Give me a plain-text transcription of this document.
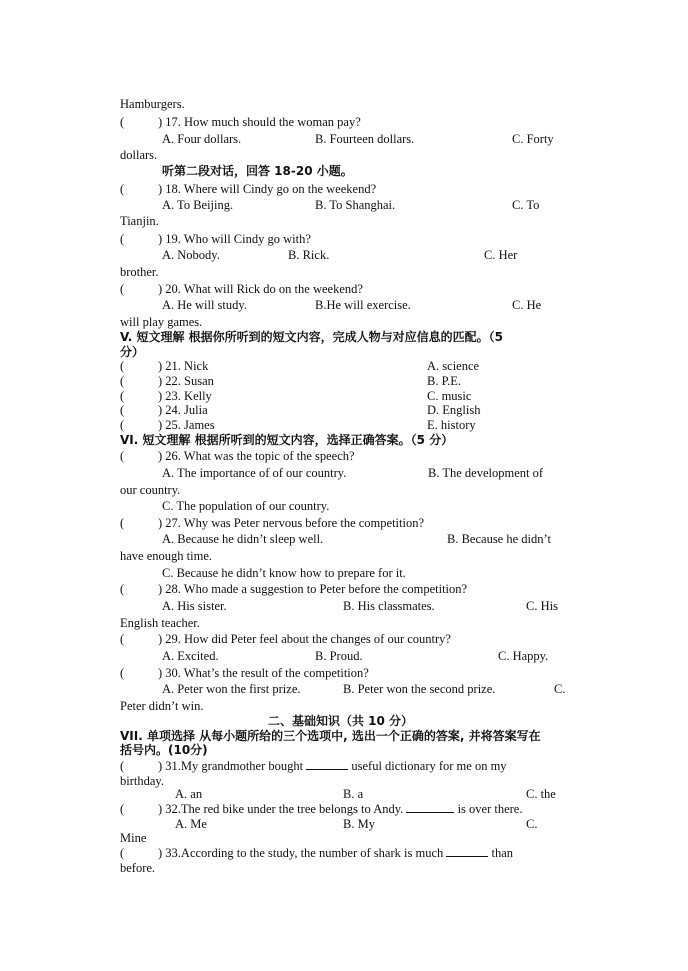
Hamburgers.
(	) 17. How much should the woman pay?
A. Four dollars.	B. Fourteen dollars.	C. Forty
dollars.
听第二段对话，回答 18-20 小题。
(	) 18. Where will Cindy go on the weekend?
A. To Beijing.	B. To Shanghai.	C. To
Tianjin.
(	) 19. Who will Cindy go with?
A. Nobody.	B. Rick.	C. Her
brother.
(	) 20. What will Rick do on the weekend?
A. He will study.	B.He will exercise.	C. He
will play games.
V. 短文理解 根据你所听到的短文内容，完成人物与对应信息的匹配。（5
分）
(	) 21. Nick	A. science
(	) 22. Susan	B. P.E.
(	) 23. Kelly	C. music
(	) 24. Julia	D. English
(	) 25. James	E. history
VI. 短文理解 根据所听到的短文内容，选择正确答案。（5 分）
(	) 26. What was the topic of the speech?
A. The importance of of our country.	B. The development of
our country.
C. The population of our country.
(	) 27. Why was Peter nervous before the competition?
A. Because he didn’t sleep well.	B. Because he didn’t
have enough time.
C. Because he didn’t know how to prepare for it.
(	) 28. Who made a suggestion to Peter before the competition?
A. His sister.	B. His classmates.	C. His
English teacher.
(	) 29. How did Peter feel about the changes of our country?
A. Excited.	B. Proud.	C. Happy.
(	) 30. What’s the result of the competition?
A. Peter won the first prize.	B. Peter won the second prize.	C.
Peter didn’t win.
二、基础知识（共 10 分）
VII. 单项选择 从每小题所给的三个选项中, 选出一个正确的答案, 并将答案写在
括号内。(10分)
(	) 31.My grandmother bought	useful dictionary for me on my
birthday.
A. an	B. a	C. the
(	) 32.The red bike under the tree belongs to Andy.	is over there.
A. Me	B. My	C.
Mine
(	) 33.According to the study, the number of shark is much	than
before.
